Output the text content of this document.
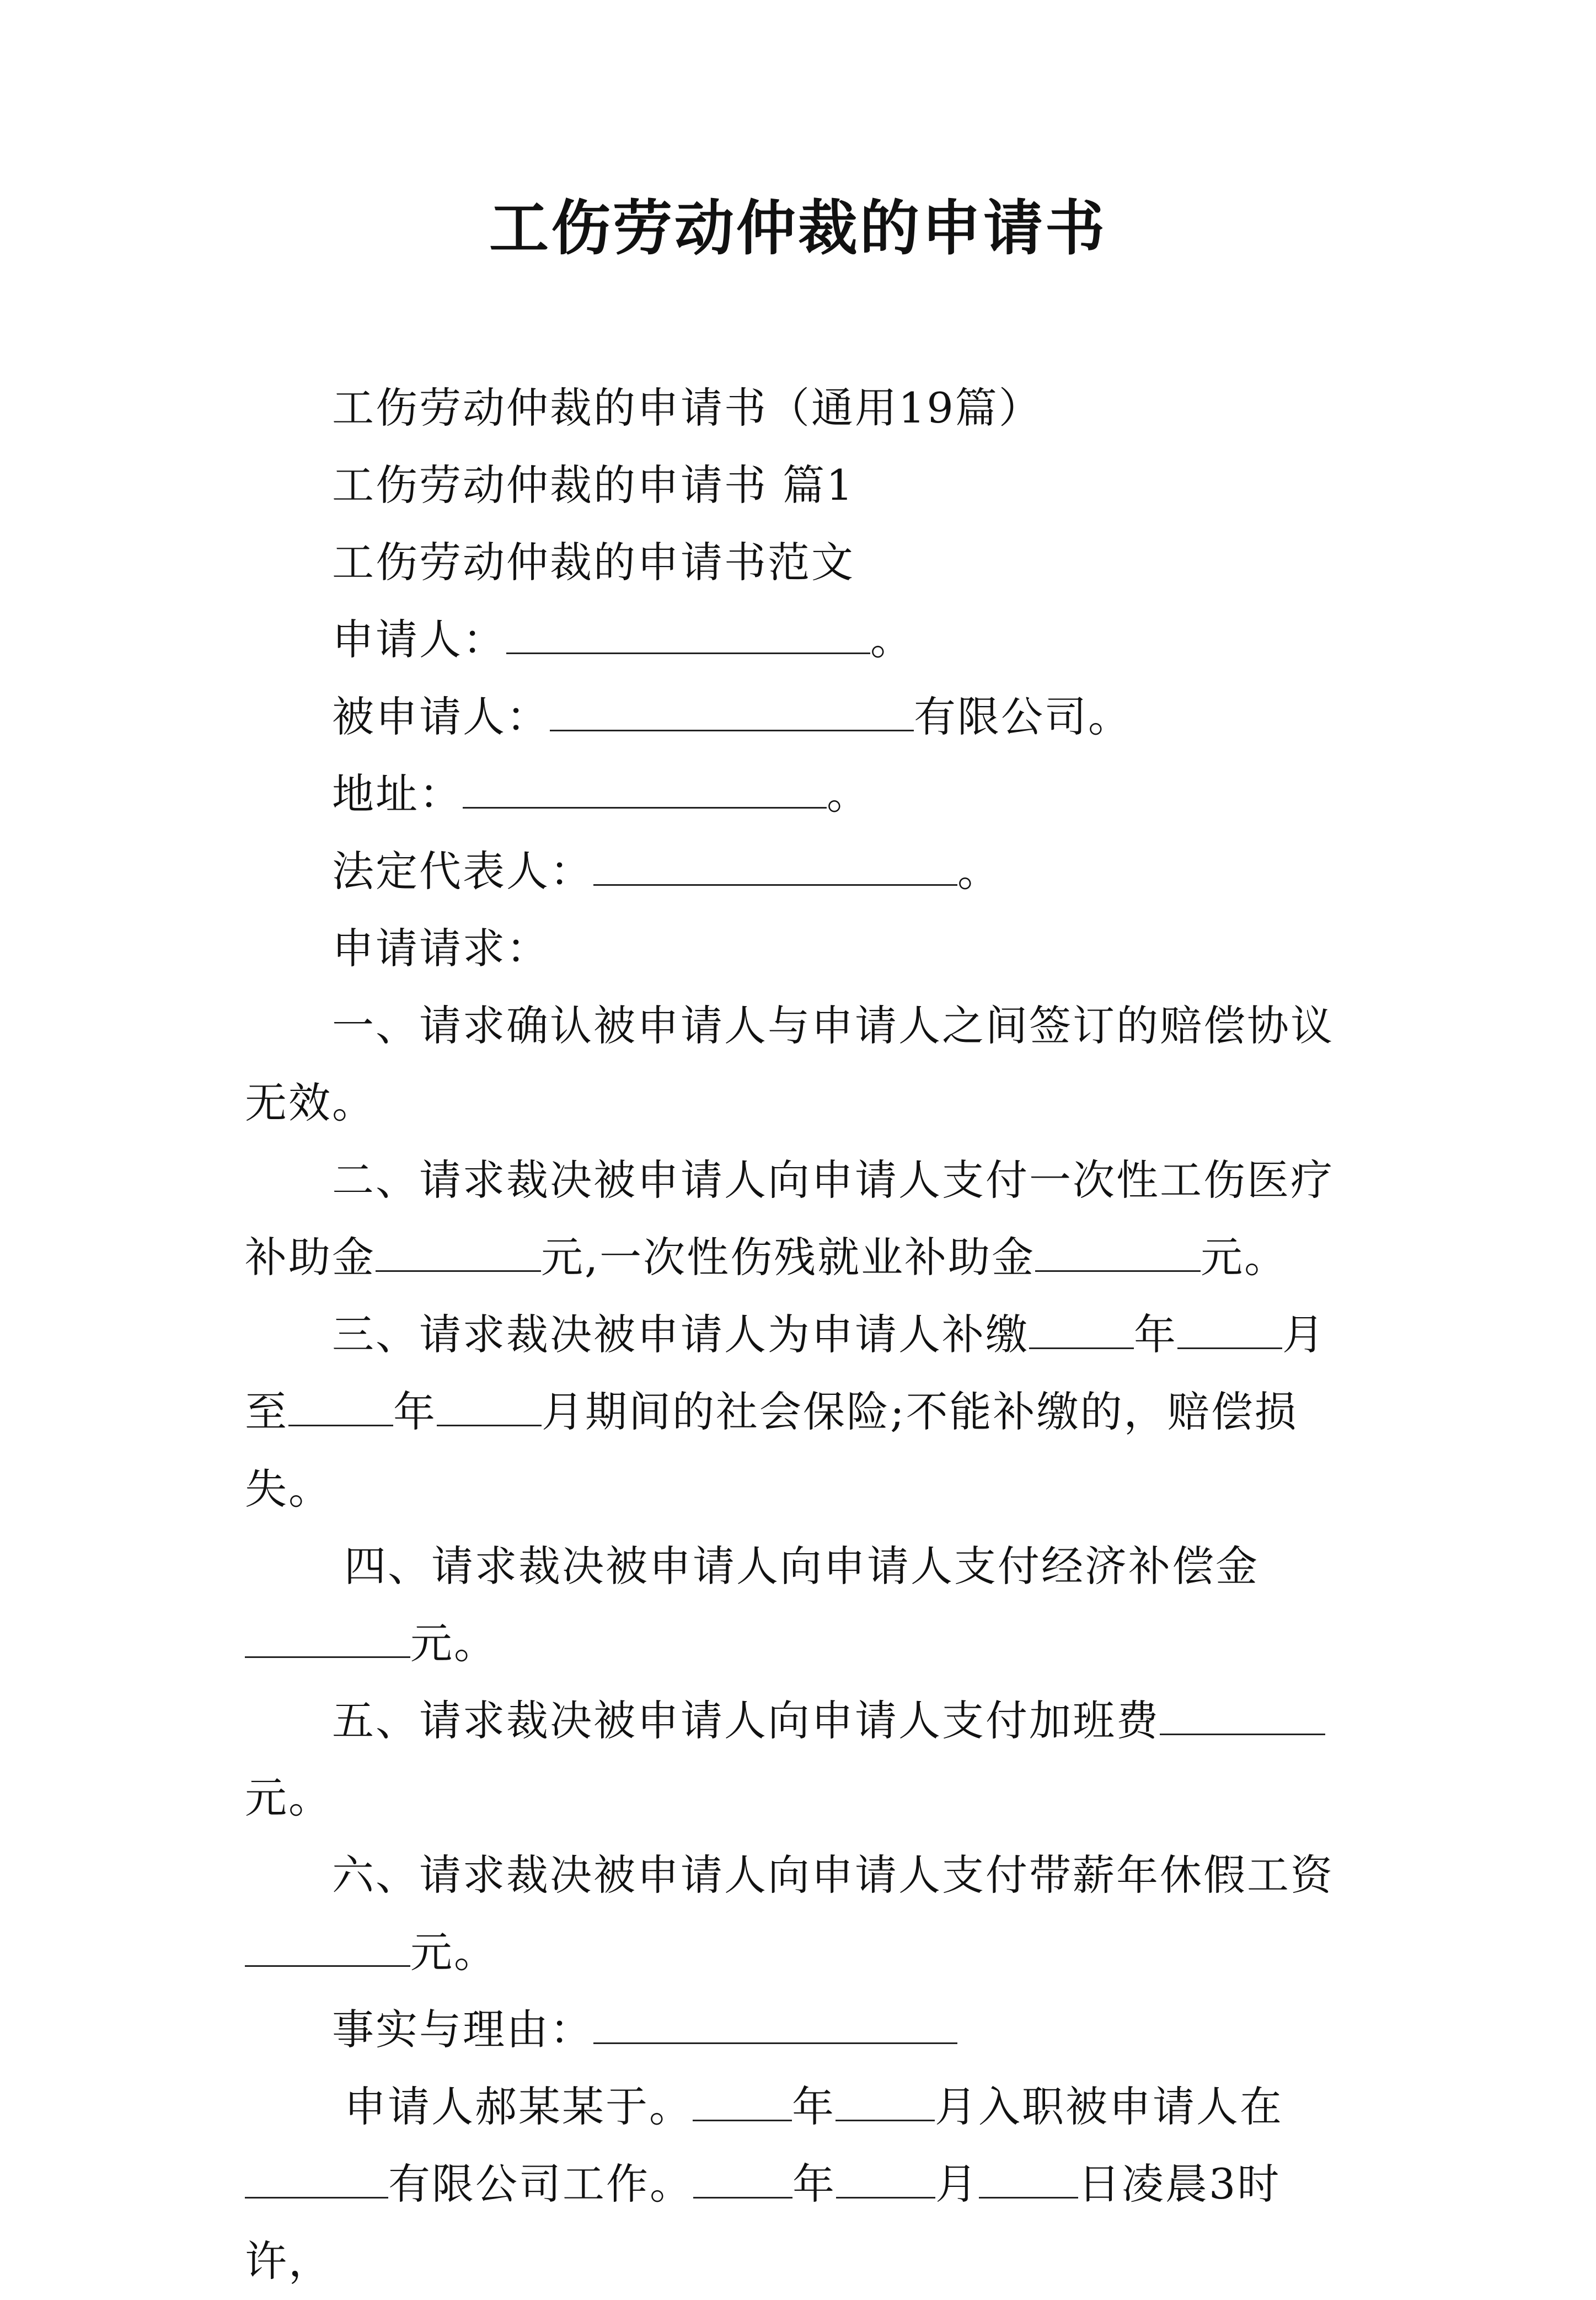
工伤劳动仲裁的申请书

工伤劳动仲裁的申请书（通用19篇）

工伤劳动仲裁的申请书 篇1

工伤劳动仲裁的申请书范文

申请人：	。

被申请人：	有限公司。

地址：	。

法定代表人：	。

申请请求：

一、请求确认被申请人与申请人之间签订的赔偿协议无效。

二、请求裁决被申请人向申请人支付一次性工伤医疗补助金	元,一次性伤残就业补助金	元。

三、请求裁决被申请人为申请人补缴	年	月至	年	月期间的社会保险;不能补缴的，赔偿损失。

四、请求裁决被申请人向申请人支付经济补偿金元。

五、请求裁决被申请人向申请人支付加班费元。

六、请求裁决被申请人向申请人支付带薪年休假工资元。

事实与理由：

申请人郝某某于。 年 月入职被申请人在有限公司工作。 年 月 日凌晨3时许，
